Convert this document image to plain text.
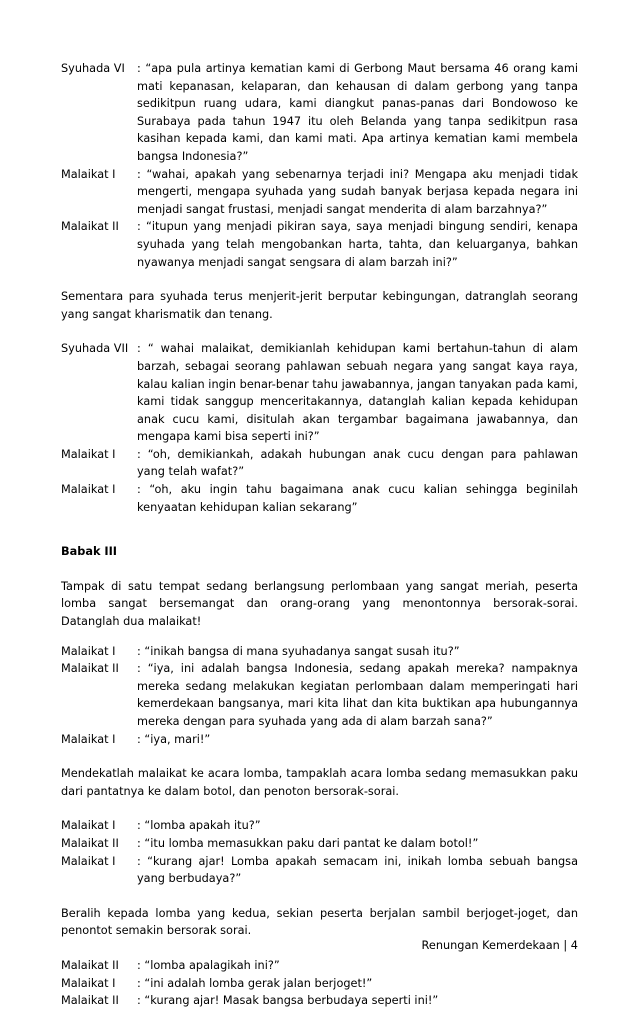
Syuhada VI	: “apa pula artinya kematian kami di Gerbong Maut bersama 46 orang kami mati kepanasan, kelaparan, dan kehausan di dalam gerbong yang tanpa sedikitpun ruang udara, kami diangkut panas-panas dari Bondowoso ke Surabaya pada tahun 1947 itu oleh Belanda yang tanpa sedikitpun rasa kasihan kepada kami, dan kami mati. Apa artinya kematian kami membela bangsa Indonesia?”
Malaikat I	: “wahai, apakah yang sebenarnya terjadi ini? Mengapa aku menjadi tidak mengerti, mengapa syuhada yang sudah banyak berjasa kepada negara ini menjadi sangat frustasi, menjadi sangat menderita di alam barzahnya?”
Malaikat II	: “itupun yang menjadi pikiran saya, saya menjadi bingung sendiri, kenapa syuhada yang telah mengobankan harta, tahta, dan keluarganya, bahkan nyawanya menjadi sangat sengsara di alam barzah ini?”

Sementara para syuhada terus menjerit-jerit berputar kebingungan, datranglah seorang yang sangat kharismatik dan tenang.

Syuhada VII : “ wahai malaikat, demikianlah kehidupan kami bertahun-tahun di alam barzah, sebagai seorang pahlawan sebuah negara yang sangat kaya raya, kalau kalian ingin benar-benar tahu jawabannya, jangan tanyakan pada kami, kami tidak sanggup menceritakannya, datanglah kalian kepada kehidupan anak cucu kami, disitulah akan tergambar bagaimana jawabannya, dan mengapa kami bisa seperti ini?”
Malaikat I	: “oh, demikiankah, adakah hubungan anak cucu dengan para pahlawan yang telah wafat?”
Malaikat I	: “oh, aku ingin tahu bagaimana anak cucu kalian sehingga beginilah kenyaatan kehidupan kalian sekarang”

Babak III

Tampak di satu tempat sedang berlangsung perlombaan yang sangat meriah, peserta lomba sangat bersemangat dan orang-orang yang menontonnya bersorak-sorai. Datanglah dua malaikat!

Malaikat I	: “inikah bangsa di mana syuhadanya sangat susah itu?”
Malaikat II	: “iya, ini adalah bangsa Indonesia, sedang apakah mereka? nampaknya mereka sedang melakukan kegiatan perlombaan dalam memperingati hari kemerdekaan bangsanya, mari kita lihat dan kita buktikan apa hubungannya mereka dengan para syuhada yang ada di alam barzah sana?”
Malaikat I	: “iya, mari!”

Mendekatlah malaikat ke acara lomba, tampaklah acara lomba sedang memasukkan paku dari pantatnya ke dalam botol, dan penoton bersorak-sorai.

Malaikat I	: “lomba apakah itu?”
Malaikat II	: “itu lomba memasukkan paku dari pantat ke dalam botol!”
Malaikat I	: “kurang ajar! Lomba apakah semacam ini, inikah lomba sebuah bangsa yang berbudaya?”

Beralih kepada lomba yang kedua, sekian peserta berjalan sambil berjoget-joget, dan penontot semakin bersorak sorai.

Malaikat II	: “lomba apalagikah ini?”
Malaikat I	: “ini adalah lomba gerak jalan berjoget!”
Malaikat II	: “kurang ajar! Masak bangsa berbudaya seperti ini!”
Renungan Kemerdekaan | 4
